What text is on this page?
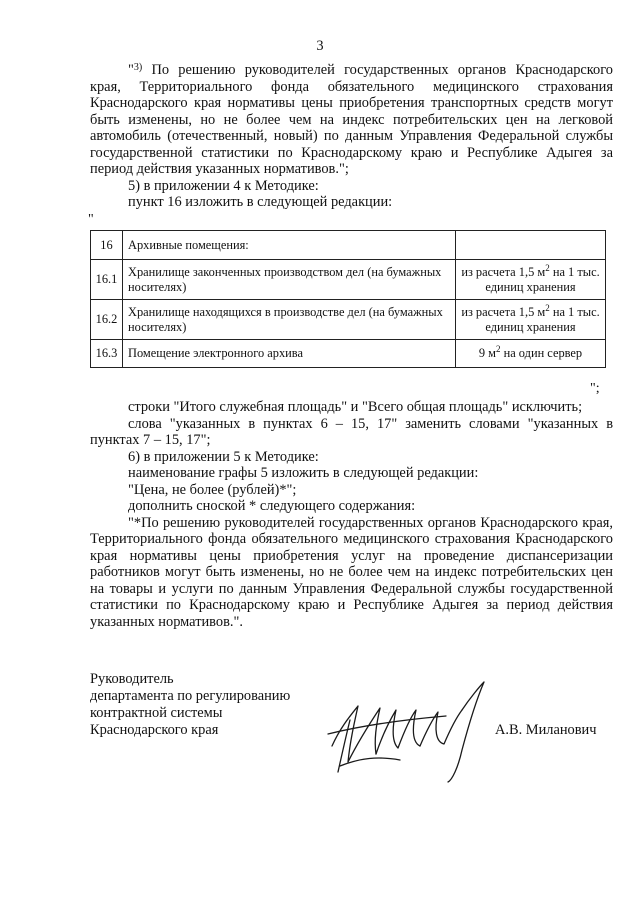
3

"$^{3)}$ По решению руководителей государственных органов Краснодарского края, Территориального фонда обязательного медицинского страхования Краснодарского края нормативы цены приобретения транспортных средств могут быть изменены, но не более чем на индекс потребительских цен на легковой автомобиль (отечественный, новый) по данным Управления Федеральной службы государственной статистики по Краснодарскому краю и Республике Адыгея за период действия указанных нормативов.";

5) в приложении 4 к Методике:

пункт 16 изложить в следующей редакции:

"
16	Архивные помещения:	
16.1	Хранилище законченных производством дел (на бумажных носителях)	из расчета 1,5 $м^2$ на 1 тыс. единиц хранения
16.2	Хранилище находящихся в производстве дел (на бумажных носителях)	из расчета 1,5 $м^2$ на 1 тыс. единиц хранения
16.3	Помещение электронного архива	9 $м^2$ на один сервер
";

строки "Итого служебная площадь" и "Всего общая площадь" исключить;

слова "указанных в пунктах 6 – 15, 17" заменить словами "указанных в пунктах 7 – 15, 17";

6) в приложении 5 к Методике:

наименование графы 5 изложить в следующей редакции:

"Цена, не более (рублей)*";

дополнить сноской * следующего содержания:

"*По решению руководителей государственных органов Краснодарского края, Территориального фонда обязательного медицинского страхования Краснодарского края нормативы цены приобретения услуг на проведение диспансеризации работников могут быть изменены, но не более чем на индекс потребительских цен на товары и услуги по данным Управления Федеральной службы государственной статистики по Краснодарскому краю и Республике Адыгея за период действия указанных нормативов.".

Руководитель
департамента по регулированию
контрактной системы
Краснодарского края	А.В. Миланович
